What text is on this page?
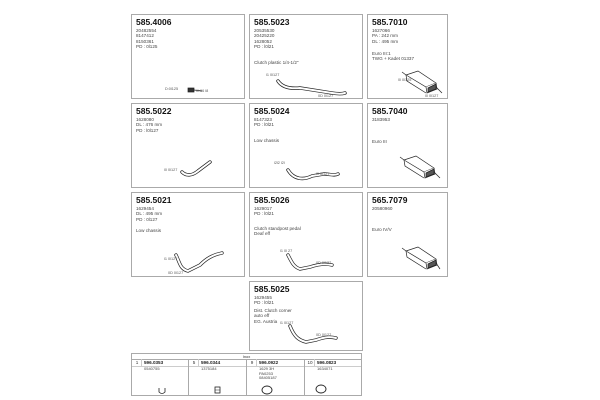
585.4006
20482554
8147412
8150361
PD : 0l125
D:0l125	0l:06 l8
585.5023
20535530
20425220
1628052
PD : l0l21
Clutch plastic 1/4-1/2"
l1 0l127
0D 0l127
585.7010
1627066
PA : 242 mm
DL : 495 mm
Euro III:1
TWG + Kadet 01337
0l 0l125
l0 0l127
585.5022
1628080
DL : 476 mm
PD : l0l127
l0 0l127
585.5024
8147323
PD : l0l21
Low chassis
l2l2 l2l
l0 0l127
585.7040
3183953
Euro III
585.5021
1629454
DL : 495 mm
PD : 0l127
Low chassis
l1 0l127
0D 0l127
585.5026
1629017
PD : l0l21
Clutch standpost pedal
Deaf eff
l1 0l 27
0D 0l127
565.7079
20580960
Euro IV/V
585.5025
1629455
PD : l0l21
Dist. Clutch corner
auto eff
EG. Austria l1 0l127
0D 0l127
Inox
1	596.0353
0540755
5	596.0344
1375184
9	596.0922
1629 3H
PA0253
08405187
10 596.0823
1634071
